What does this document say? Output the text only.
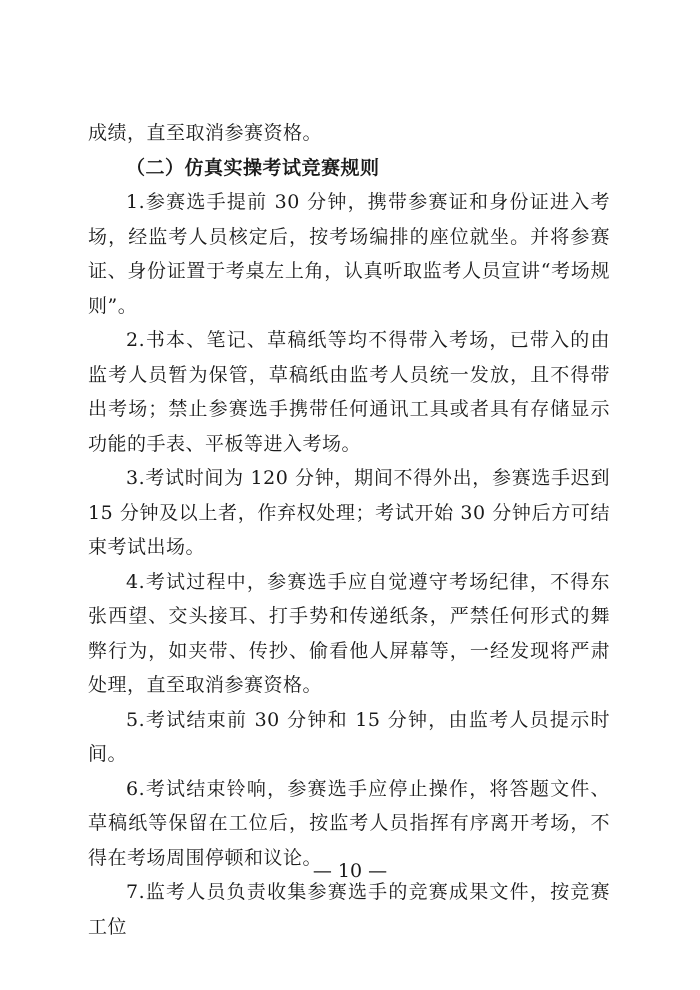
成绩，直至取消参赛资格。

（二）仿真实操考试竞赛规则

1.参赛选手提前 30 分钟，携带参赛证和身份证进入考场，经监考人员核定后，按考场编排的座位就坐。并将参赛证、身份证置于考桌左上角，认真听取监考人员宣讲“考场规则”。

2.书本、笔记、草稿纸等均不得带入考场，已带入的由监考人员暂为保管，草稿纸由监考人员统一发放，且不得带出考场；禁止参赛选手携带任何通讯工具或者具有存储显示功能的手表、平板等进入考场。

3.考试时间为 120 分钟，期间不得外出，参赛选手迟到 15 分钟及以上者，作弃权处理；考试开始 30 分钟后方可结束考试出场。

4.考试过程中，参赛选手应自觉遵守考场纪律，不得东张西望、交头接耳、打手势和传递纸条，严禁任何形式的舞弊行为，如夹带、传抄、偷看他人屏幕等，一经发现将严肃处理，直至取消参赛资格。

5.考试结束前 30 分钟和 15 分钟，由监考人员提示时间。

6.考试结束铃响，参赛选手应停止操作，将答题文件、草稿纸等保留在工位后，按监考人员指挥有序离开考场，不得在考场周围停顿和议论。

7.监考人员负责收集参赛选手的竞赛成果文件，按竞赛工位

— 10 —
